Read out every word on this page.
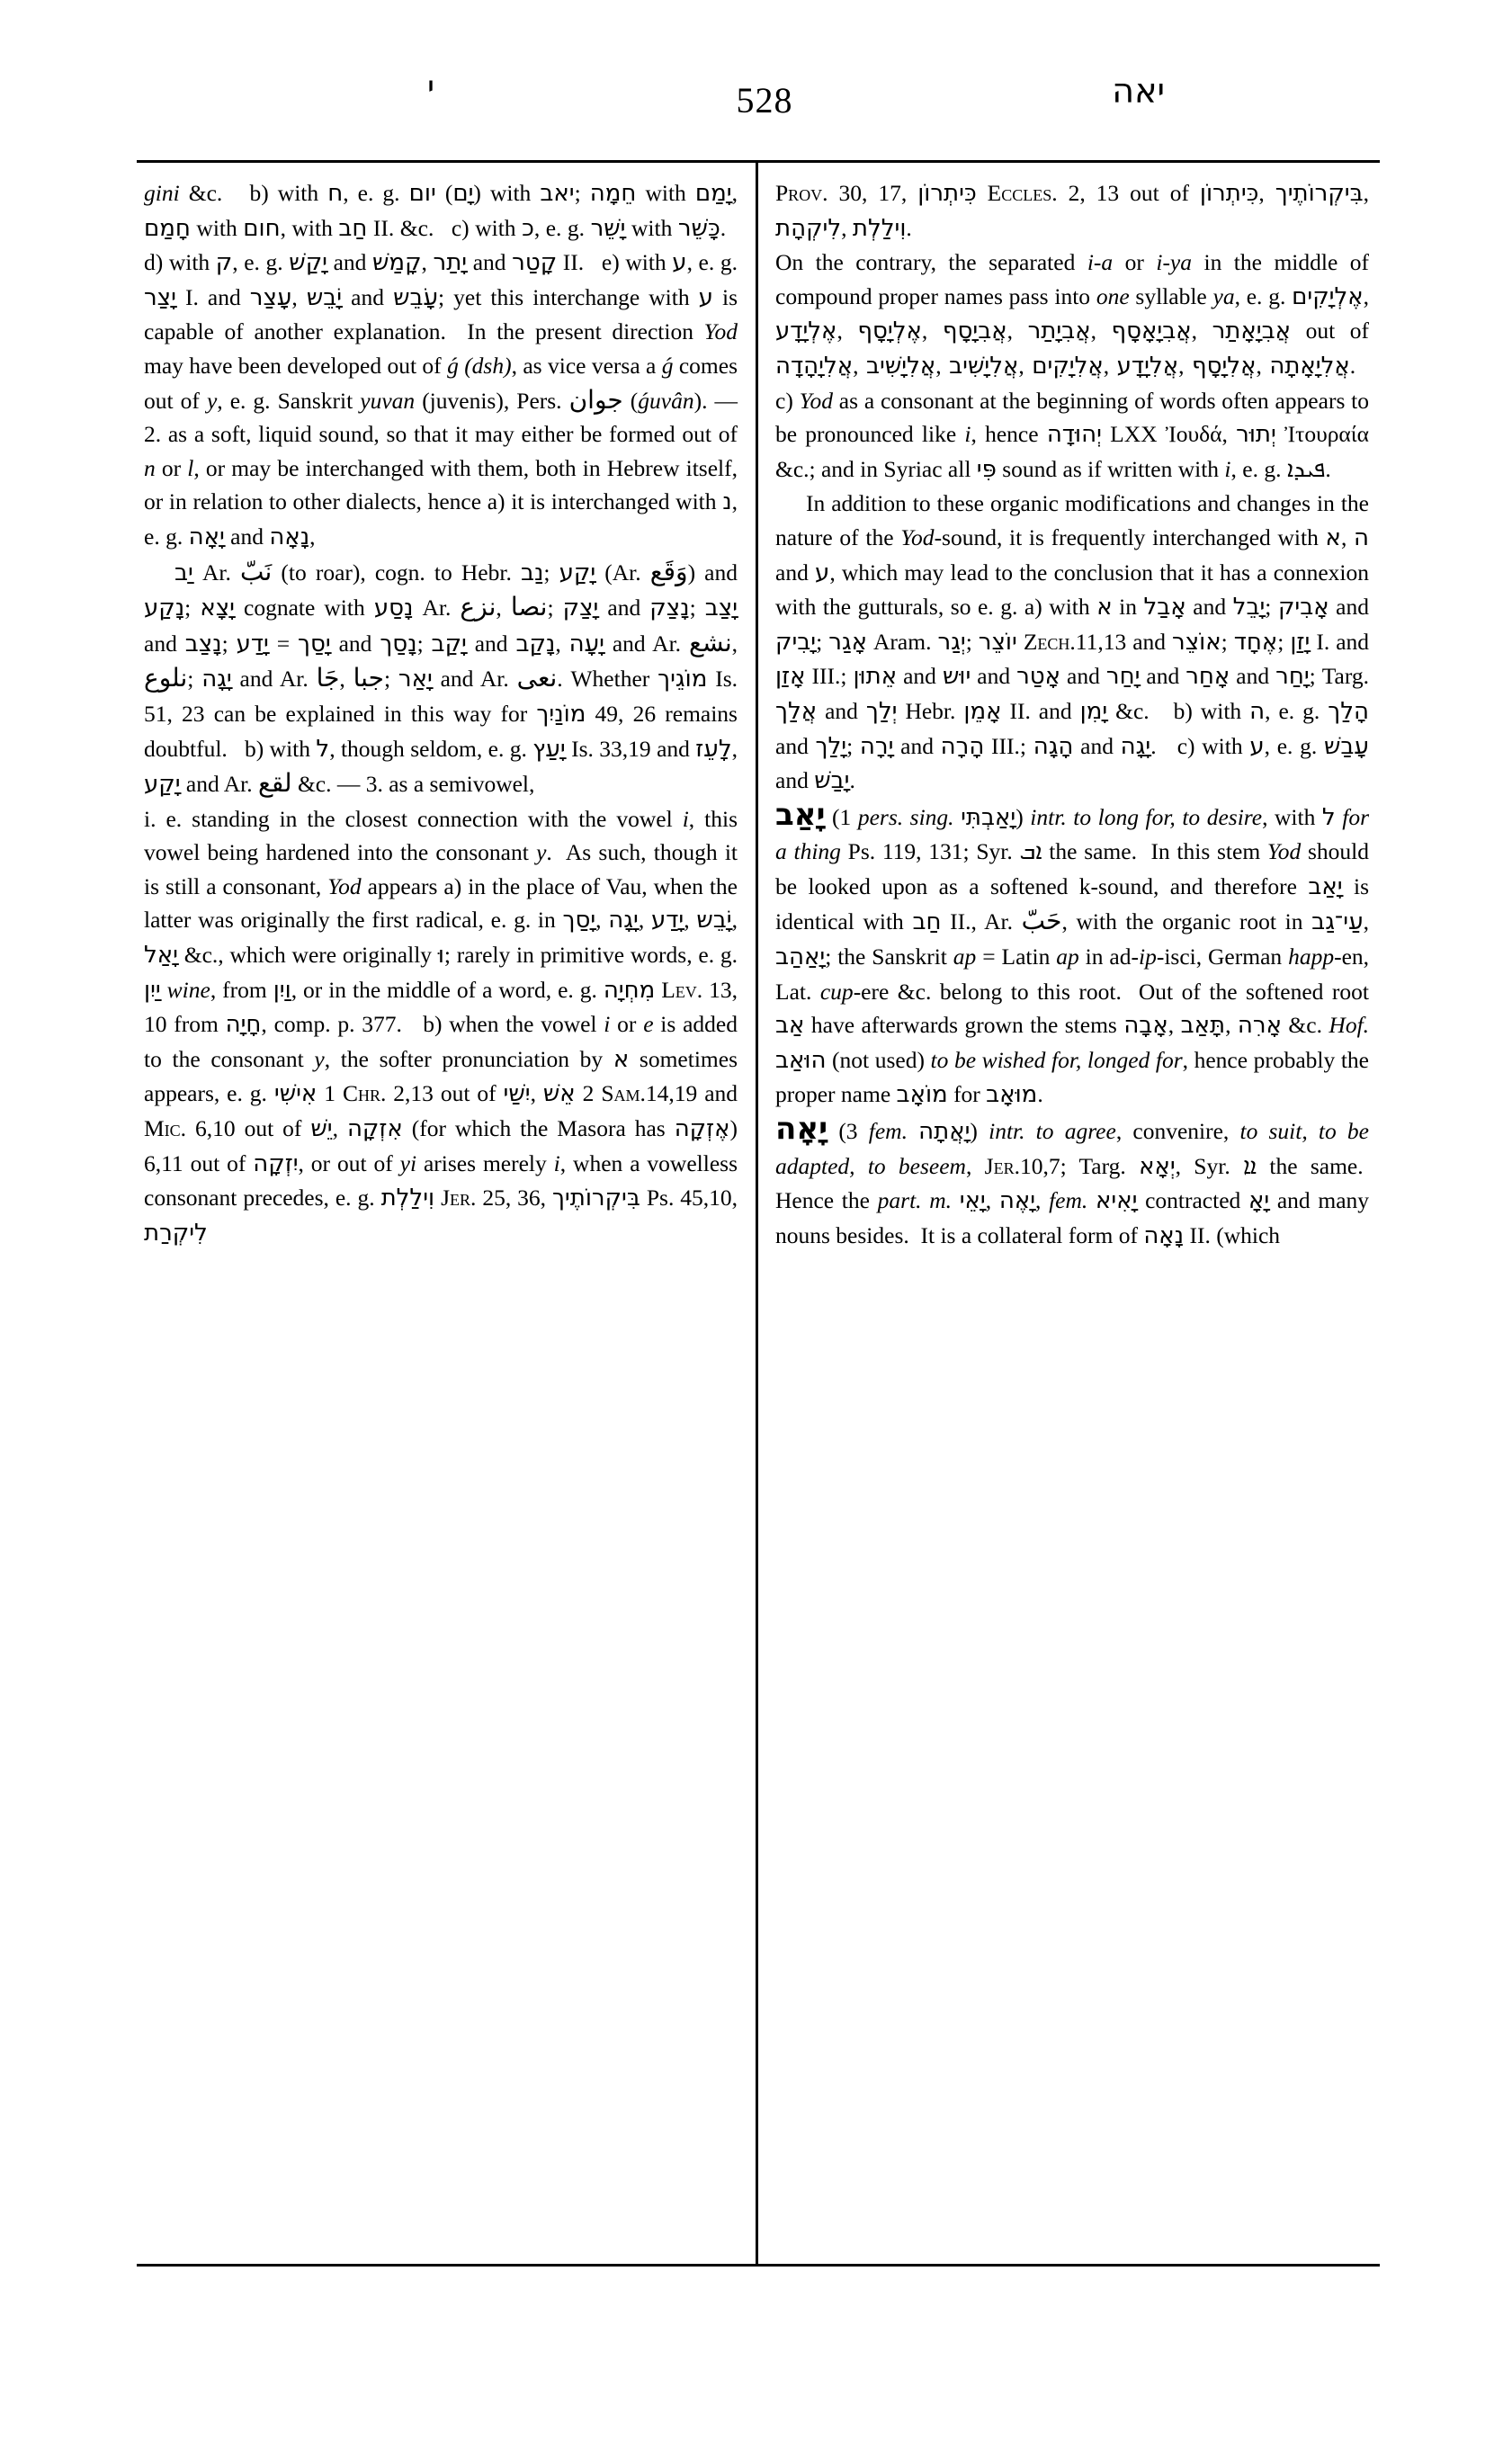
י	528	יאה

gini &c.   b) with ח, e. g. יום (יָם) with יאב; חֵמָה with יָמַם, חָמַם with חום, with חַב II. &c.   c) with כ, e. g. יָשֵׁר with כָּשֵׁר.   d) with ק, e. g. יָקַשׁ and קָמַשׁ, יָתַר and קָטַר II.   e) with ע, e. g. יָצַר I. and עָצַר, יָבֵׁש and עָבֵׁש; yet this interchange with ע is capable of another explanation.  In the present direction Yod may have been developed out of ǵ (dsh), as vice versa a ǵ comes out of y, e. g. Sanskrit yuvan (juvenis), Pers. جوان (ǵuvân). — 2. as a soft, liquid sound, so that it may either be formed out of n or l, or may be interchanged with them, both in Hebrew itself, or in relation to other dialects, hence a) it is interchanged with נ, e. g. יָאָה and נָאָה,

יַב Ar. نَبّ (to roar), cogn. to Hebr. נַב; יָקַע (Ar. وَقَع) and נָקַע; יָצָא cognate with נָסַע Ar. نزع, نصا; יָצַק and נָצַק; יָצַב and נָצַב; יָדַע = יָסַך and נָסַך; יָקַב and נָקַב, יָעָה and Ar. نشع, نلوع; יָגָה and Ar. جَا, جبا; יָאַר and Ar. نعى. Whether מוֹגֵיך Is. 51, 23 can be explained in this way for מוֹנַיִך 49, 26 remains doubtful.   b) with ל, though seldom, e. g. יָעַץ Is. 33,19 and לָעֵז, יָקַע and Ar. لقع &c. — 3. as a semivowel,

i. e. standing in the closest connection with the vowel i, this vowel being hardened into the consonant y.  As such, though it is still a consonant, Yod appears a) in the place of Vau, when the latter was originally the first radical, e. g. in יָסַך, יָגָה, יָדַע, יָבֵׁש, יָאַל &c., which were originally וּ; rarely in primitive words, e. g. יַיִן wine, from וַיִן, or in the middle of a word, e. g. מִחְיָה Lev. 13, 10 from חָיָה, comp. p. 377.   b) when the vowel i or e is added to the consonant y, the softer pronunciation by א sometimes appears, e. g. אִישִׁי 1 Chr. 2,13 out of יִשַׁי, אֵשׁ 2 Sam.14,19 and Mic. 6,10 out of יֵשׁ, אִזְקָה (for which the Masora has אֶזְקָה) 6,11 out of יִזְקָה, or out of yi arises merely i, when a vowelless consonant precedes, e. g. וִילַלְת Jer. 25, 36, בִּיקְרוֹתֶיך Ps. 45,10, לִיקְרַת

Prov. 30, 17, כִּיתְרוֹן Eccles. 2, 13 out of כִּיתְרוֹן, בִּיקְרוֹתֶיך, לִיקְהָת, וִילַלְת.

On the contrary, the separated i-a or i-ya in the middle of compound proper names pass into one syllable ya, e. g. אֶלְיָקִים, אֶלְיָדָע, אֶלְיָסָף, אֲבִיָסָף, אֲבִיָתַר, אֲבִיָאָסָף, אֲבִיָאָתַר out of אֲלִיָהָדָה, אֲלִיָשִׁיב, אֲלִיָשִׁיב, אֲלִיָקִים, אֲלִיָדָע, אֲלִיָסָף, אֲלִיָאָתָה.   c) Yod as a consonant at the beginning of words often appears to be pronounced like i, hence יְהוּדָה LXX Ἰουδά, יְתוּר Ἰτουραία &c.; and in Syriac all פִּי sound as if written with i, e. g. ܦܝܕܐ.

In addition to these organic modifications and changes in the nature of the Yod-sound, it is frequently interchanged with א, ה and ע, which may lead to the conclusion that it has a connexion with the gutturals, so e. g. a) with א in אָבַל and יָבֵל; אָבִיק and יָבִיק; אָגַר Aram. יְגַר; יוֹצֵר Zech.11,13 and אוֹצֵר; אֶחָד; יָזַן I. and אָזַן III.; אֵתוּן and יוּש and אָטַר and יָחַר and אָחַר and יָחַר; Targ. אֲלַך and יְלַך Hebr. אָמֵן II. and יָמִן &c.   b) with ה, e. g. הָלַך and יָלַך; יָרָה and הָרָה III.; הָגָה and יָגָה.   c) with ע, e. g. עָבַשׁ and יָבַשׁ.

יָאַב (1 pers. sing. יָאַבְתִּי) intr. to long for, to desire, with ל for a thing Ps. 119, 131; Syr. ܐܒ the same.  In this stem Yod should be looked upon as a softened k-sound, and therefore יָאַב is identical with חַב II., Ar. حَبّ, with the organic root in עַי־גַב, יָאַהַב; the Sanskrit ap = Latin ap in ad-ip-isci, German happ-en, Lat. cup-ere &c. belong to this root.  Out of the softened root אַב have afterwards grown the stems אָבָה, תָּאַב, אָרִה &c. Hof. הוּאַב (not used) to be wished for, longed for, hence probably the proper name מוֹאָב for מוּאָב.

יָאָה (3 fem. יָאֲתָה) intr. to agree, convenire, to suit, to be adapted, to beseem, Jer.10,7; Targ. יְאָא, Syr. ܐܐ the same.  Hence the part. m. יָאֵי, יָאֶה, fem. יָאִיא contracted יָאָ and many nouns besides.  It is a collateral form of נָאָה II. (which
